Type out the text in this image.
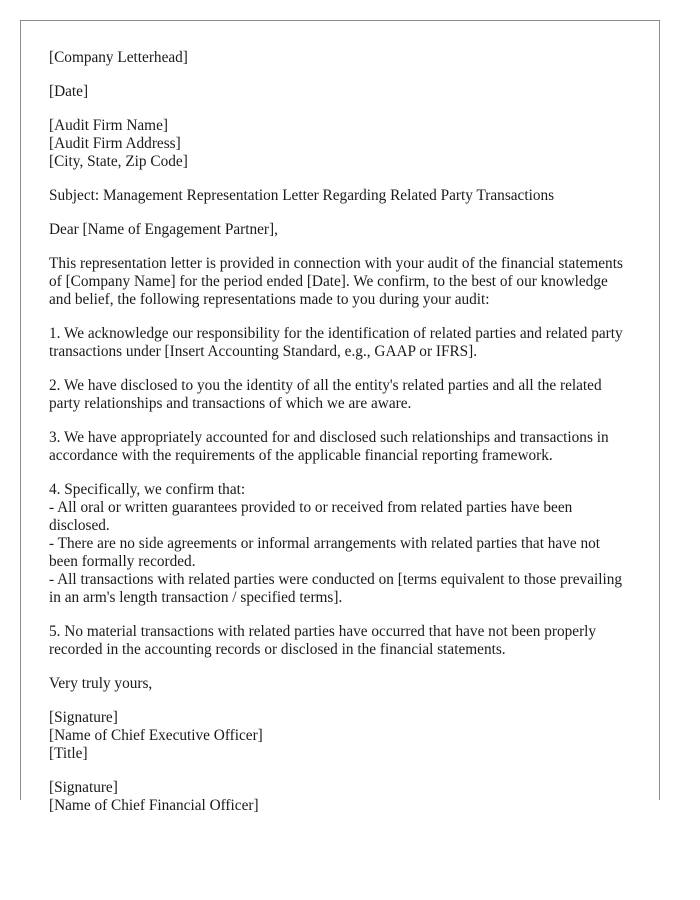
[Company Letterhead]

[Date]

[Audit Firm Name]
[Audit Firm Address]
[City, State, Zip Code]

Subject: Management Representation Letter Regarding Related Party Transactions

Dear [Name of Engagement Partner],

This representation letter is provided in connection with your audit of the financial statements of [Company Name] for the period ended [Date]. We confirm, to the best of our knowledge and belief, the following representations made to you during your audit:

1. We acknowledge our responsibility for the identification of related parties and related party transactions under [Insert Accounting Standard, e.g., GAAP or IFRS].

2. We have disclosed to you the identity of all the entity's related parties and all the related party relationships and transactions of which we are aware.

3. We have appropriately accounted for and disclosed such relationships and transactions in accordance with the requirements of the applicable financial reporting framework.

4. Specifically, we confirm that:
- All oral or written guarantees provided to or received from related parties have been disclosed.
- There are no side agreements or informal arrangements with related parties that have not been formally recorded.
- All transactions with related parties were conducted on [terms equivalent to those prevailing in an arm's length transaction / specified terms].

5. No material transactions with related parties have occurred that have not been properly recorded in the accounting records or disclosed in the financial statements.

Very truly yours,

[Signature]
[Name of Chief Executive Officer]
[Title]

[Signature]
[Name of Chief Financial Officer]
